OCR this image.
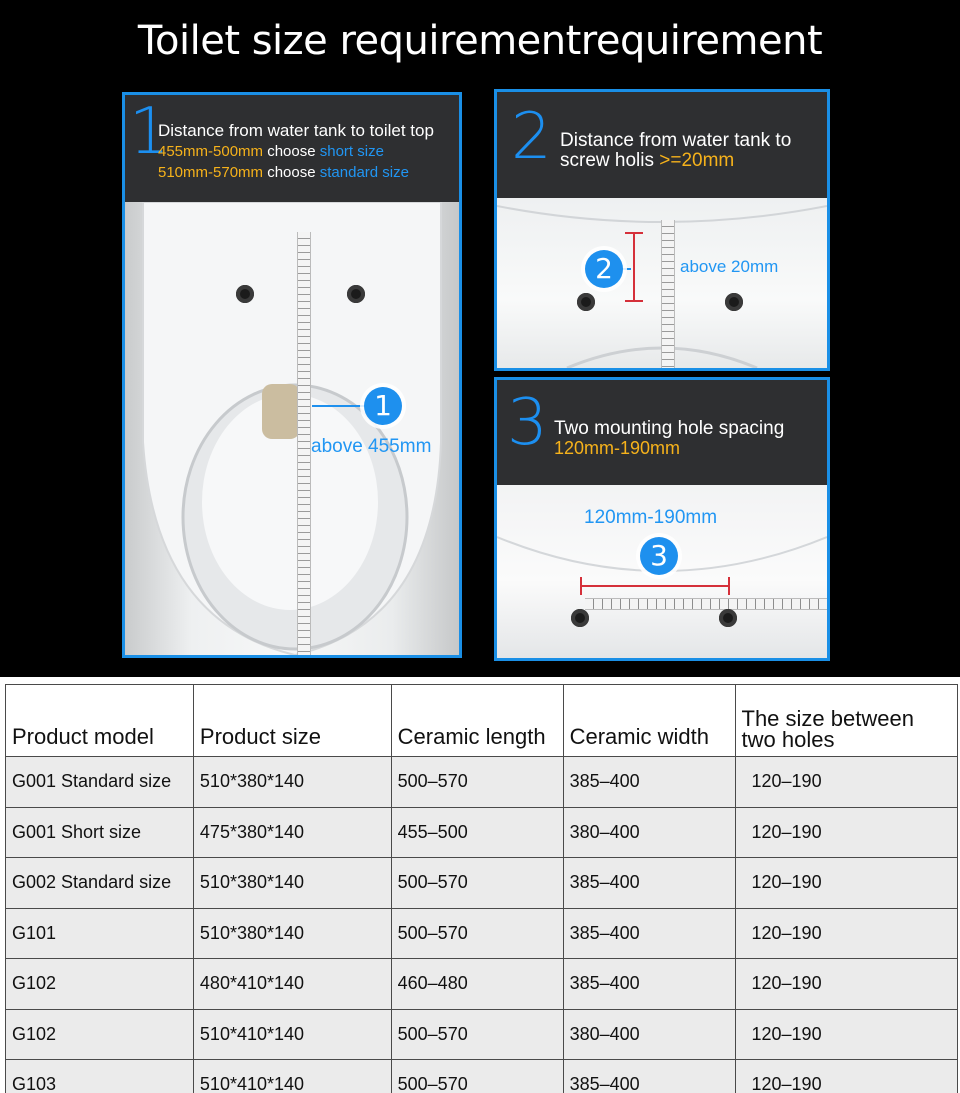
Toilet size requirementrequirement
1
Distance from water tank to toilet top
455mm-500mm choose short size
510mm-570mm choose standard size
1
above 455mm
2 Distance from water tank to
screw holis >=20mm
2	above 20mm
3 Two mounting hole spacing
120mm-190mm
120mm-190mm
3
Product model	Product size	Ceramic length	Ceramic width	The size between two holes
G001 Standard size	510*380*140	500–570	385–400	120–190
G001 Short size	475*380*140	455–500	380–400	120–190
G002 Standard size	510*380*140	500–570	385–400	120–190
G101	510*380*140	500–570	385–400	120–190
G102	480*410*140	460–480	385–400	120–190
G102	510*410*140	500–570	380–400	120–190
G103	510*410*140	500–570	385–400	120–190
